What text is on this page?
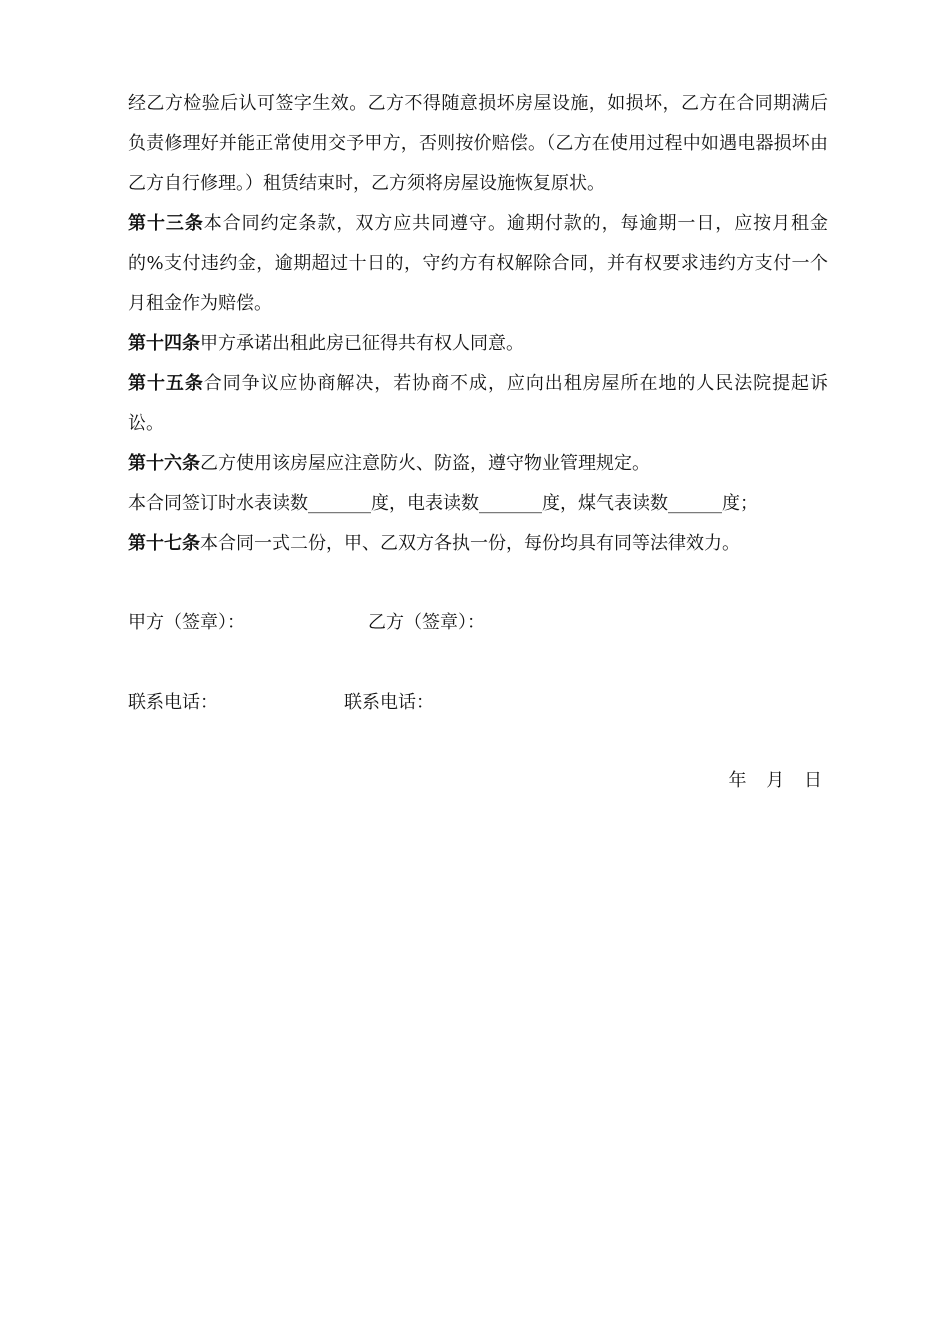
经乙方检验后认可签字生效。乙方不得随意损坏房屋设施，如损坏，乙方在合同期满后负责修理好并能正常使用交予甲方，否则按价赔偿。（乙方在使用过程中如遇电器损坏由乙方自行修理。）租赁结束时，乙方须将房屋设施恢复原状。

第十三条本合同约定条款，双方应共同遵守。逾期付款的，每逾期一日，应按月租金的%支付违约金，逾期超过十日的，守约方有权解除合同，并有权要求违约方支付一个月租金作为赔偿。

第十四条甲方承诺出租此房已征得共有权人同意。

第十五条合同争议应协商解决，若协商不成，应向出租房屋所在地的人民法院提起诉讼。

第十六条乙方使用该房屋应注意防火、防盗，遵守物业管理规定。

本合同签订时水表读数_______度，电表读数_______度，煤气表读数______度；

第十七条本合同一式二份，甲、乙双方各执一份，每份均具有同等法律效力。

甲方（签章）：	乙方（签章）：
联系电话：	联系电话：
年 月 日
